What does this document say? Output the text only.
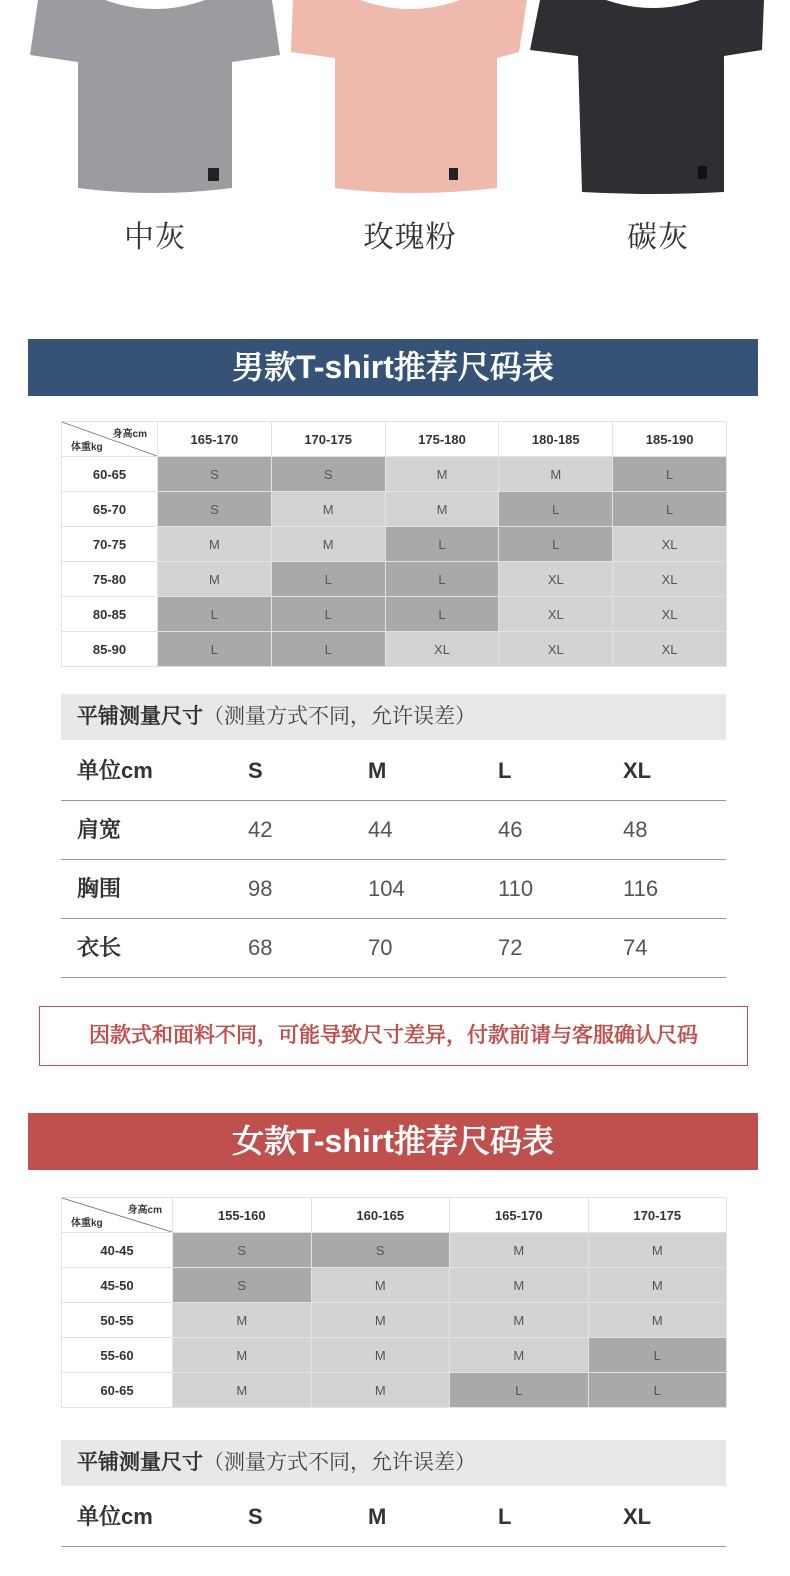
中灰	玫瑰粉	碳灰
男款T-shirt推荐尺码表
身高cm
体重kg	165-170	170-175	175-180	180-185	185-190
60-65	S	S	M	M	L
65-70	S	M	M	L	L
70-75	M	M	L	L	XL
75-80	M	L	L	XL	XL
80-85	L	L	L	XL	XL
85-90	L	L	XL	XL	XL
平铺测量尺寸（测量方式不同，允许误差）
单位cm	S	M	L	XL
肩宽	42	44	46	48
胸围	98	104	110	116
衣长	68	70	72	74
因款式和面料不同，可能导致尺寸差异，付款前请与客服确认尺码
女款T-shirt推荐尺码表
身高cm
体重kg	155-160	160-165	165-170	170-175
40-45	S	S	M	M
45-50	S	M	M	M
50-55	M	M	M	M
55-60	M	M	M	L
60-65	M	M	L	L
平铺测量尺寸（测量方式不同，允许误差）
单位cm	S	M	L	XL
